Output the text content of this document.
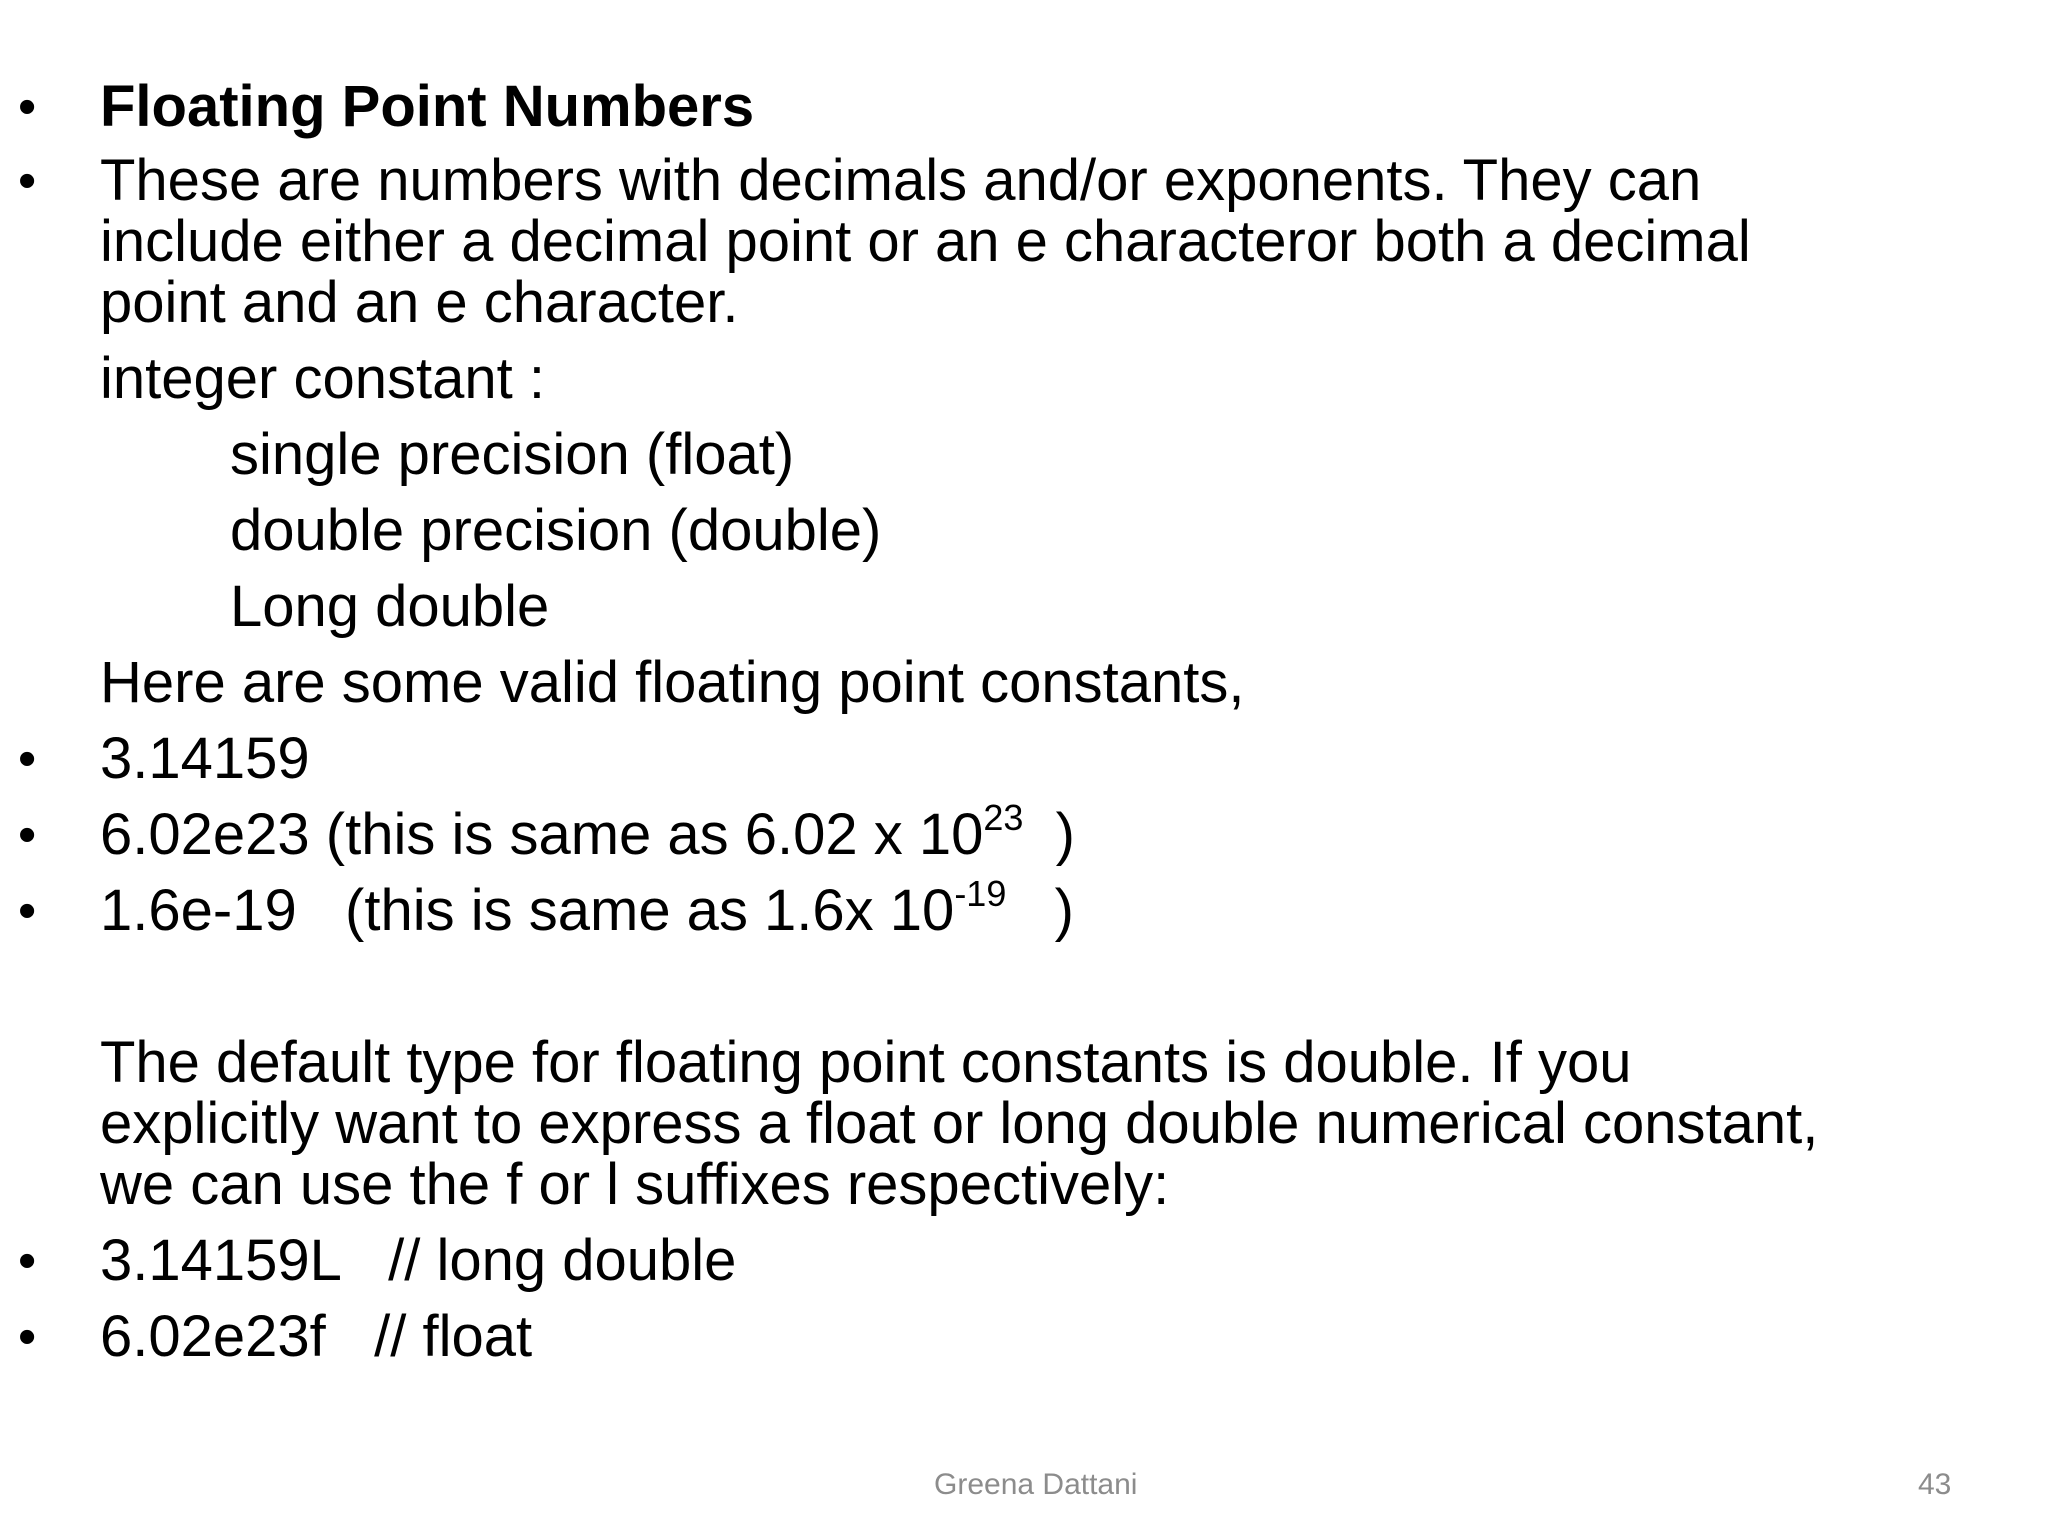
• Floating Point Numbers
• These are numbers with decimals and/or exponents. They can
include either a decimal point or an e characteror both a decimal
point and an e character.
integer constant :
single precision (float)
double precision (double)
Long double
Here are some valid floating point constants,
• 3.14159
• 6.02e23 (this is same as 6.02 x $10^{23}$  )
• 1.6e-19   (this is same as 1.6x $10^{-19}$   )
The default type for floating point constants is double. If you
explicitly want to express a float or long double numerical constant,
we can use the f or l suffixes respectively:
• 3.14159L   // long double
• 6.02e23f   // float
Greena Dattani	43
